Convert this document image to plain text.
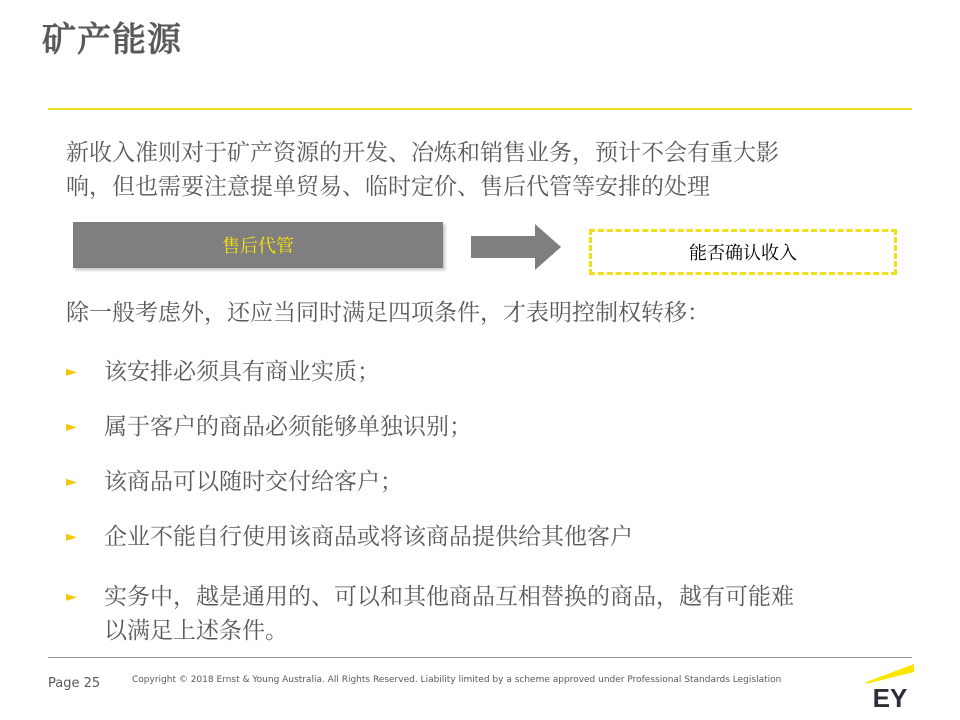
矿产能源
新收入准则对于矿产资源的开发、冶炼和销售业务，预计不会有重大影
响，但也需要注意提单贸易、临时定价、售后代管等安排的处理
售后代管	能否确认收入
除一般考虑外，还应当同时满足四项条件，才表明控制权转移：
► 该安排必须具有商业实质；
► 属于客户的商品必须能够单独识别；
► 该商品可以随时交付给客户；
► 企业不能自行使用该商品或将该商品提供给其他客户
► 实务中，越是通用的、可以和其他商品互相替换的商品，越有可能难
以满足上述条件。
Page 25	Copyright © 2018 Ernst & Young Australia. All Rights Reserved. Liability limited by a scheme approved under Professional Standards Legislation
EY
